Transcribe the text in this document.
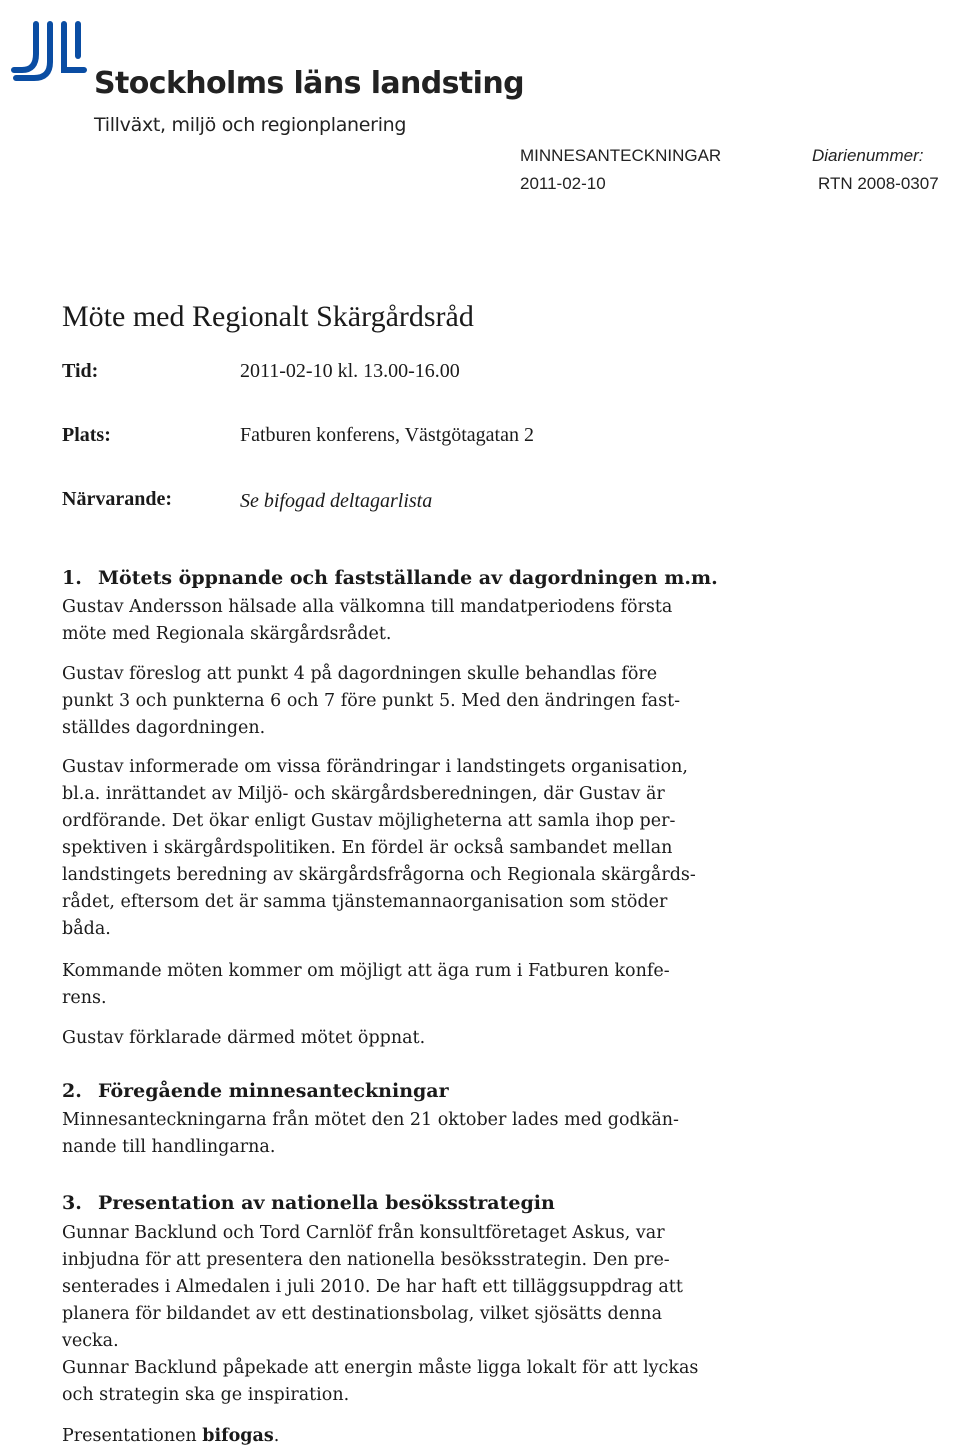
Stockholms läns landsting
Tillväxt, miljö och regionplanering
MINNESANTECKNINGAR	Diarienummer:
2011-02-10	RTN 2008-0307
Möte med Regionalt Skärgårdsråd
Tid:	2011-02-10 kl. 13.00-16.00
Plats:	Fatburen konferens, Västgötagatan 2
Närvarande:	Se bifogad deltagarlista
1. Mötets öppnande och fastställande av dagordningen m.m.
Gustav Andersson hälsade alla välkomna till mandatperiodens första
möte med Regionala skärgårdsrådet.
Gustav föreslog att punkt 4 på dagordningen skulle behandlas före
punkt 3 och punkterna 6 och 7 före punkt 5. Med den ändringen fast-
ställdes dagordningen.
Gustav informerade om vissa förändringar i landstingets organisation,
bl.a. inrättandet av Miljö- och skärgårdsberedningen, där Gustav är
ordförande. Det ökar enligt Gustav möjligheterna att samla ihop per-
spektiven i skärgårdspolitiken. En fördel är också sambandet mellan
landstingets beredning av skärgårdsfrågorna och Regionala skärgårds-
rådet, eftersom det är samma tjänstemannaorganisation som stöder
båda.
Kommande möten kommer om möjligt att äga rum i Fatburen konfe-
rens.
Gustav förklarade därmed mötet öppnat.
2. Föregående minnesanteckningar
Minnesanteckningarna från mötet den 21 oktober lades med godkän-
nande till handlingarna.
3. Presentation av nationella besöksstrategin
Gunnar Backlund och Tord Carnlöf från konsultföretaget Askus, var
inbjudna för att presentera den nationella besöksstrategin. Den pre-
senterades i Almedalen i juli 2010. De har haft ett tilläggsuppdrag att
planera för bildandet av ett destinationsbolag, vilket sjösätts denna
vecka.
Gunnar Backlund påpekade att energin måste ligga lokalt för att lyckas
och strategin ska ge inspiration.
Presentationen bifogas.
